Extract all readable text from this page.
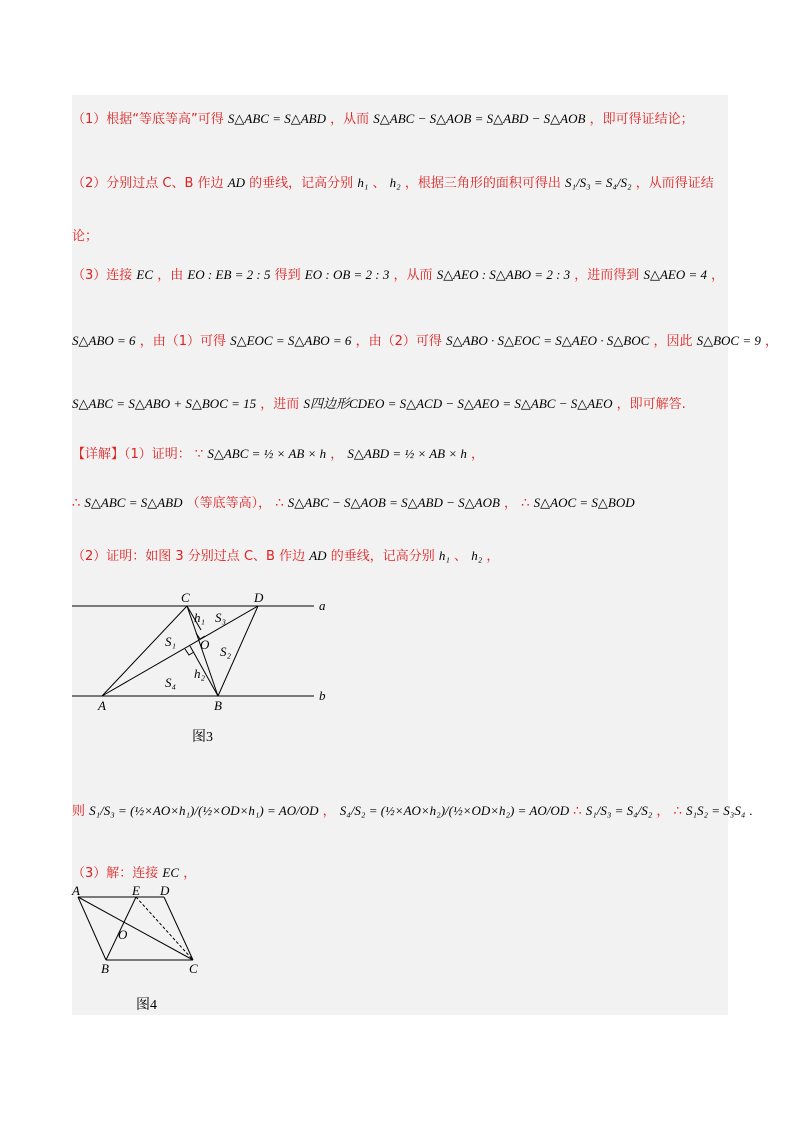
（1）根据“等底等高”可得 S△ABC = S△ABD ，从而 S△ABC − S△AOB = S△ABD − S△AOB ，即可得证结论；
（2）分别过点 C、B 作边 AD 的垂线，记高分别 h₁ 、 h₂ ，根据三角形的面积可得出 S₁/S₃ = S₄/S₂ ，从而得证结
论；
（3）连接 EC ，由 EO : EB = 2 : 5 得到 EO : OB = 2 : 3 ，从而 S△AEO : S△ABO = 2 : 3 ，进而得到 S△AEO = 4 ，
S△ABO = 6 ，由（1）可得 S△EOC = S△ABO = 6 ，由（2）可得 S△ABO · S△EOC = S△AEO · S△BOC ，因此 S△BOC = 9 ，
S△ABC = S△ABO + S△BOC = 15 ，进而 S四边形CDEO = S△ACD − S△AEO = S△ABC − S△AEO ，即可解答.
【详解】（1）证明： ∵ S△ABC = ½ × AB × h ， S△ABD = ½ × AB × h ，
∴ S△ABC = S△ABD （等底等高）， ∴ S△ABC − S△AOB = S△ABD − S△AOB ， ∴ S△AOC = S△BOD
（2）证明：如图 3 分别过点 C、B 作边 AD 的垂线，记高分别 h₁ 、 h₂ ，
C	D
a
b
A	B
O
h₁
h₂
S₃
S₁
S₂
S₄
图3
则 S₁/S₃ = (½×AO×h₁)/(½×OD×h₁) = AO/OD ， S₄/S₂ = (½×AO×h₂)/(½×OD×h₂) = AO/OD ∴ S₁/S₃ = S₄/S₂ ， ∴ S₁S₂ = S₃S₄ .
（3）解：连接 EC ，
A	E D
O
B	C
图4
